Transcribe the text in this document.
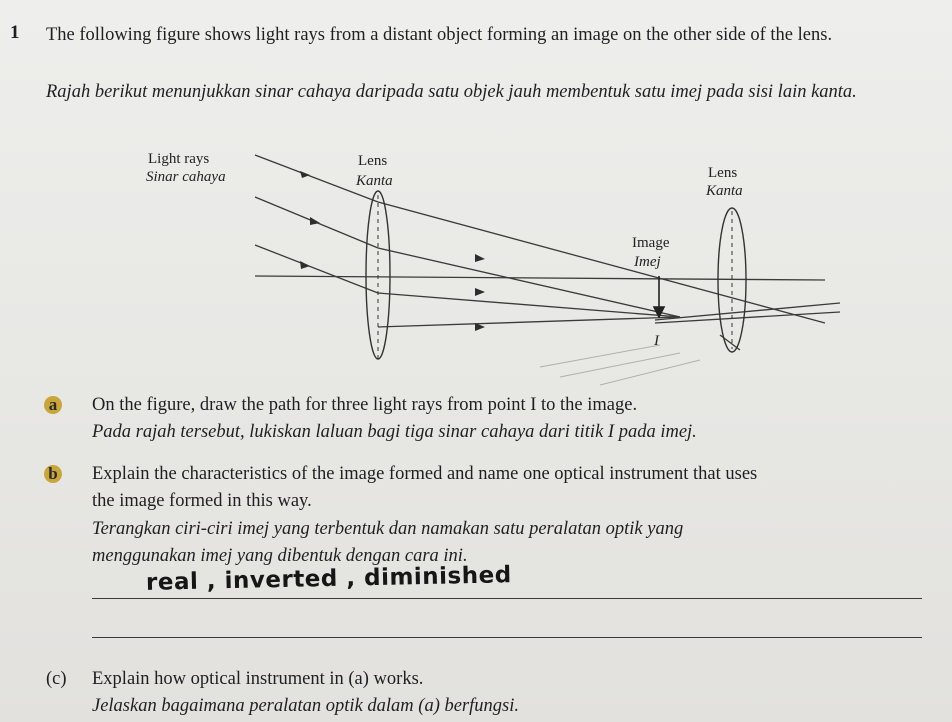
1 The following figure shows light rays from a distant object forming an image on the other side of the lens.
Rajah berikut menunjukkan sinar cahaya daripada satu objek jauh membentuk satu imej pada sisi lain kanta.
Light rays
Sinar cahaya
Lens
Kanta	Lens
Kanta
Image
Imej
I
a On the figure, draw the path for three light rays from point I to the image.
Pada rajah tersebut, lukiskan laluan bagi tiga sinar cahaya dari titik I pada imej.
b Explain the characteristics of the image formed and name one optical instrument that uses
the image formed in this way.
Terangkan ciri-ciri imej yang terbentuk dan namakan satu peralatan optik yang
menggunakan imej yang dibentuk dengan cara ini.
real , inverted , diminished
(c) Explain how optical instrument in (a) works.
Jelaskan bagaimana peralatan optik dalam (a) berfungsi.
